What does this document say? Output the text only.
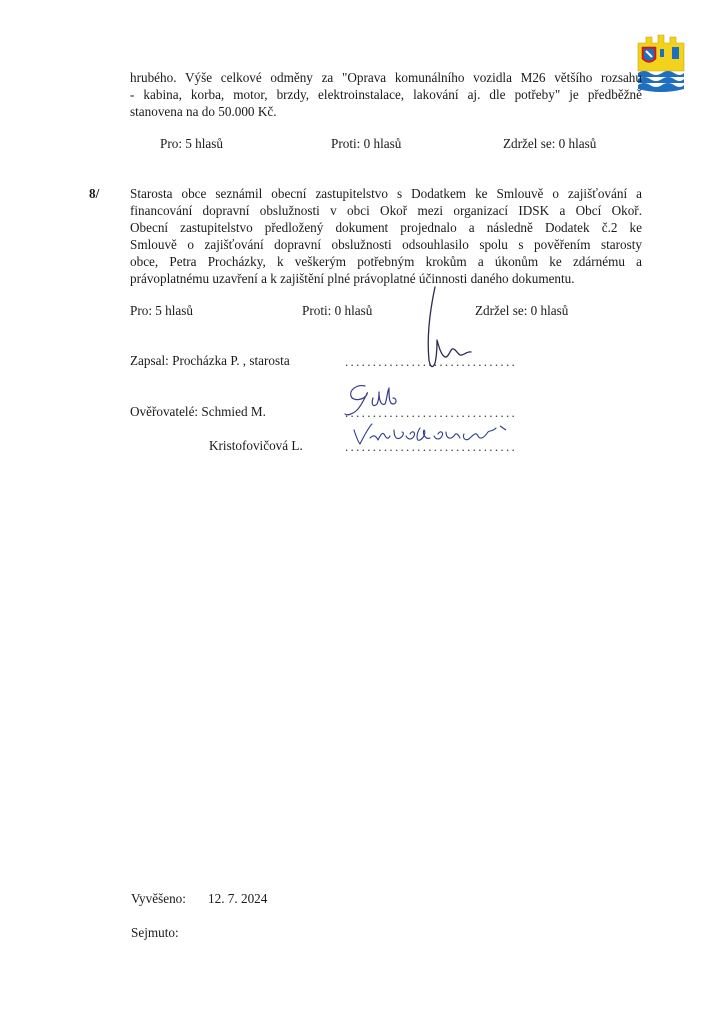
hrubého. Výše celkové odměny za "Oprava komunálního vozidla M26 většího rozsahu
- kabina, korba, motor, brzdy, elektroinstalace, lakování aj. dle potřeby" je předběžně
stanovena na do 50.000 Kč.
Pro: 5 hlasů	Proti: 0 hlasů	Zdržel se: 0 hlasů
8/ Starosta obce seznámil obecní zastupitelstvo s Dodatkem ke Smlouvě o zajišťování a
financování dopravní obslužnosti v obci Okoř mezi organizací IDSK a Obcí Okoř.
Obecní zastupitelstvo předložený dokument projednalo a následně Dodatek č.2 ke
Smlouvě o zajišťování dopravní obslužnosti odsouhlasilo spolu s pověřením starosty
obce, Petra Procházky, k veškerým potřebným krokům a úkonům ke zdárnému a
právoplatnému uzavření a k zajištění plné právoplatné účinnosti daného dokumentu.
Pro: 5 hlasů	Proti: 0 hlasů	Zdržel se: 0 hlasů
Zapsal: Procházka P. , starosta	...............................
Ověřovatelé: Schmied M.	...............................
Kristofovičová L.	...............................
Vyvěšeno: 12. 7. 2024
Sejmuto:
